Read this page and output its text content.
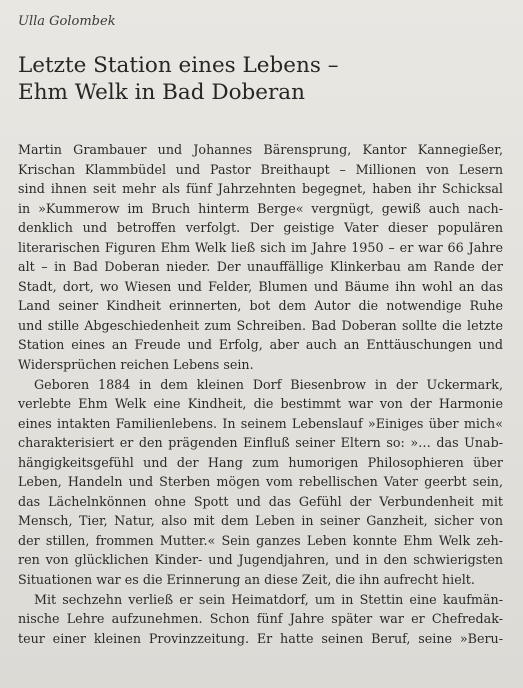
Ulla Golombek
Letzte Station eines Lebens –
Ehm Welk in Bad Doberan
Martin Grambauer und Johannes Bärensprung, Kantor Kannegießer,
Krischan Klammbüdel und Pastor Breithaupt – Millionen von Lesern
sind ihnen seit mehr als fünf Jahrzehnten begegnet, haben ihr Schicksal
in »Kummerow im Bruch hinterm Berge« vergnügt, gewiß auch nach-
denklich und betroffen verfolgt. Der geistige Vater dieser populären
literarischen Figuren Ehm Welk ließ sich im Jahre 1950 – er war 66 Jahre
alt – in Bad Doberan nieder. Der unauffällige Klinkerbau am Rande der
Stadt, dort, wo Wiesen und Felder, Blumen und Bäume ihn wohl an das
Land seiner Kindheit erinnerten, bot dem Autor die notwendige Ruhe
und stille Abgeschiedenheit zum Schreiben. Bad Doberan sollte die letzte
Station eines an Freude und Erfolg, aber auch an Enttäuschungen und
Widersprüchen reichen Lebens sein.
Geboren 1884 in dem kleinen Dorf Biesenbrow in der Uckermark,
verlebte Ehm Welk eine Kindheit, die bestimmt war von der Harmonie
eines intakten Familienlebens. In seinem Lebenslauf »Einiges über mich«
charakterisiert er den prägenden Einfluß seiner Eltern so: »… das Unab-
hängigkeitsgefühl und der Hang zum humorigen Philosophieren über
Leben, Handeln und Sterben mögen vom rebellischen Vater geerbt sein,
das Lächelnkönnen ohne Spott und das Gefühl der Verbundenheit mit
Mensch, Tier, Natur, also mit dem Leben in seiner Ganzheit, sicher von
der stillen, frommen Mutter.« Sein ganzes Leben konnte Ehm Welk zeh-
ren von glücklichen Kinder- und Jugendjahren, und in den schwierigsten
Situationen war es die Erinnerung an diese Zeit, die ihn aufrecht hielt.
Mit sechzehn verließ er sein Heimatdorf, um in Stettin eine kaufmän-
nische Lehre aufzunehmen. Schon fünf Jahre später war er Chefredak-
teur einer kleinen Provinzzeitung. Er hatte seinen Beruf, seine »Beru-
